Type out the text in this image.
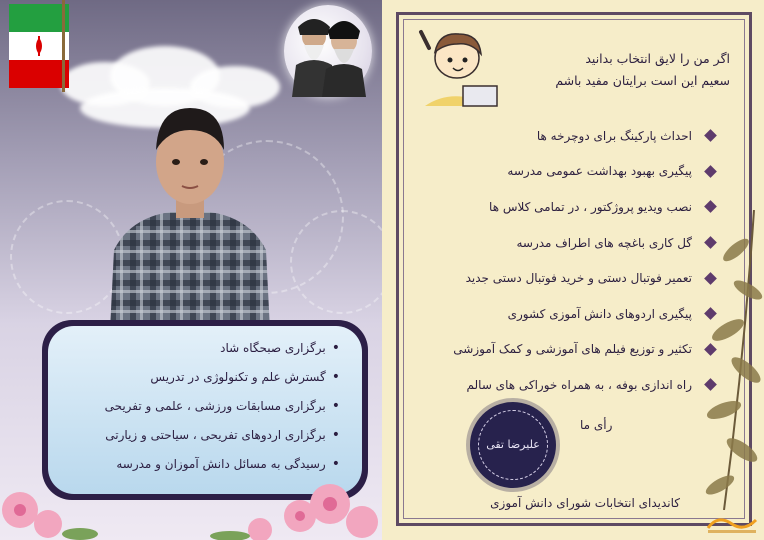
• برگزاری صبحگاه شاد
• گسترش علم و تکنولوژی در تدریس
• برگزاری مسابقات ورزشی ، علمی و تفریحی
• برگزاری اردوهای تفریحی ، سیاحتی و زیارتی
• رسیدگی به مسائل دانش آموزان و مدرسه
اگر من را لایق انتخاب بدانید
سعیم این است برایتان مفید باشم
احداث پارکینگ برای دوچرخه ها
پیگیری بهبود بهداشت عمومی مدرسه
نصب ویدیو پروژکتور ، در تمامی کلاس ها
گل کاری باغچه های اطراف مدرسه
تعمیر فوتبال دستی و خرید فوتبال دستی جدید
پیگیری اردوهای دانش آموزی کشوری
تکثیر و توزیع فیلم های آموزشی و کمک آموزشی
راه اندازی بوفه ، به همراه خوراکی های سالم
رأی ما
علیرضا تقی
کاندیدای انتخابات شورای دانش آموزی
